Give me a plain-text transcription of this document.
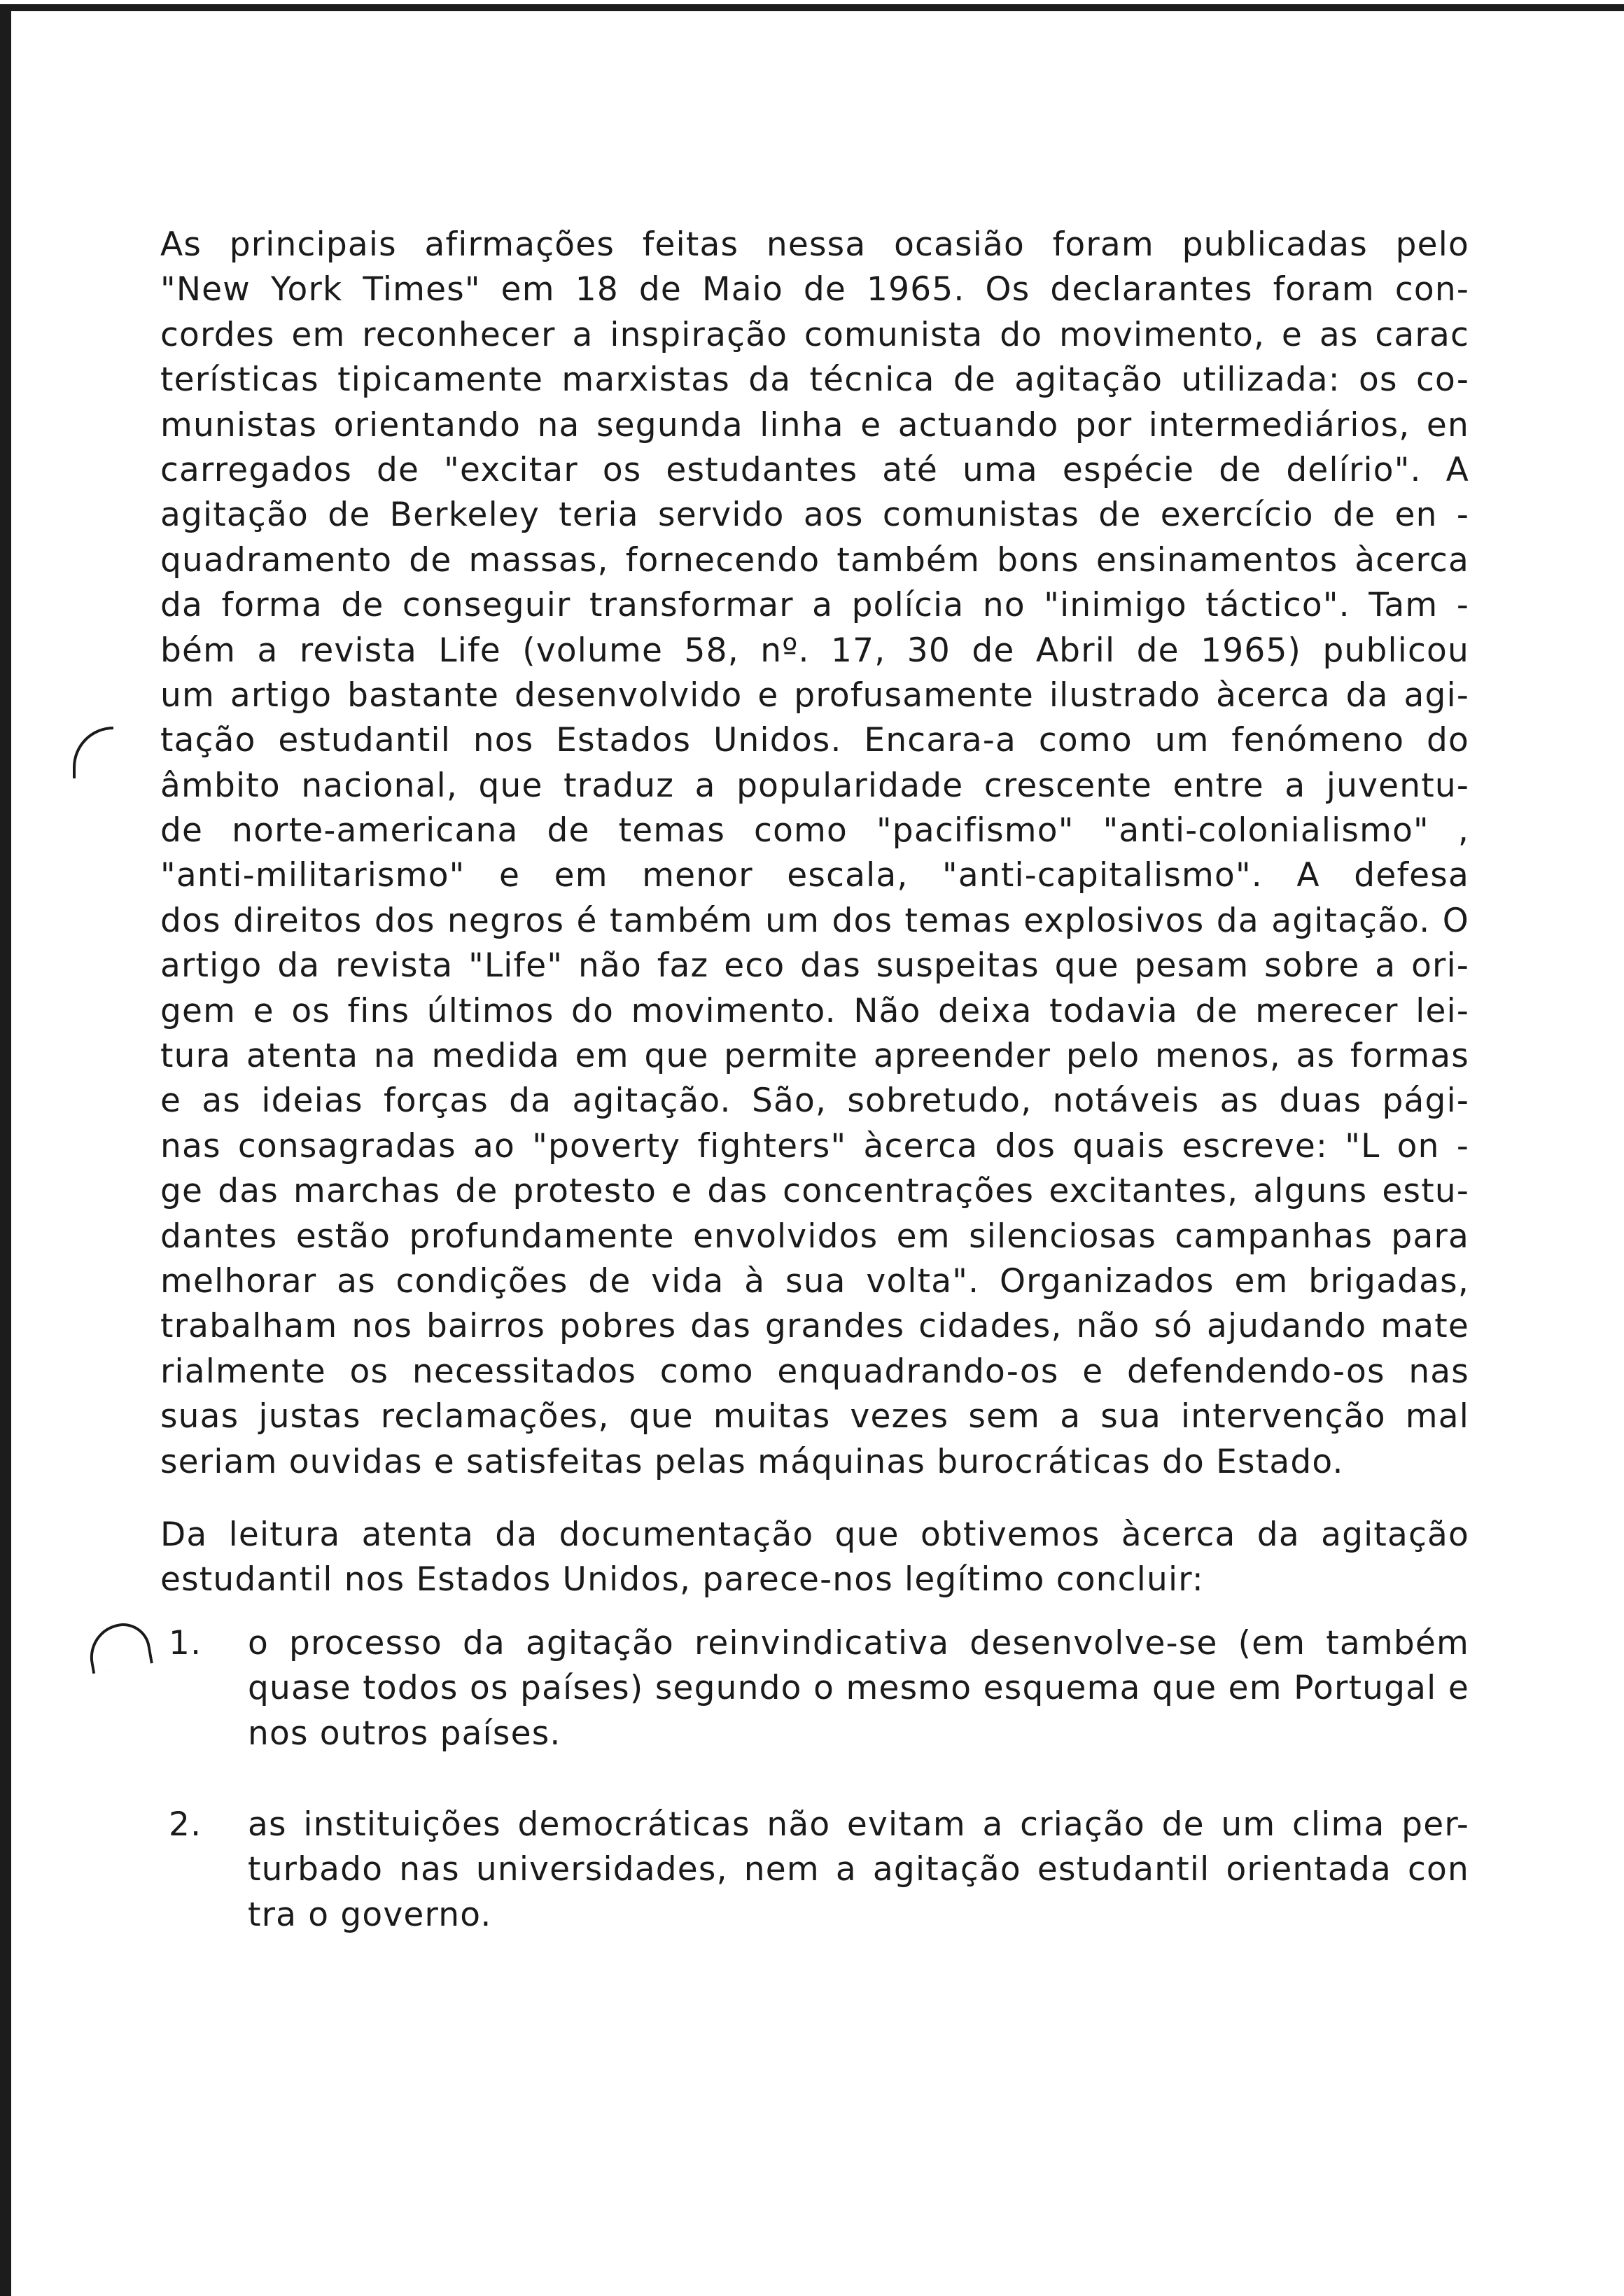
As principais afirmações feitas nessa ocasião foram publicadas pelo
"New York Times" em 18 de Maio de 1965. Os declarantes foram con-
cordes em reconhecer a inspiração comunista do movimento, e as carac
terísticas tipicamente marxistas da técnica de agitação utilizada: os co-
munistas orientando na segunda linha e actuando por intermediários, en
carregados de "excitar os estudantes até uma espécie de delírio". A
agitação de Berkeley teria servido aos comunistas de exercício de en -
quadramento de massas, fornecendo também bons ensinamentos àcerca
da forma de conseguir transformar a polícia no "inimigo táctico". Tam -
bém a revista Life (volume 58, nº. 17, 30 de Abril de 1965) publicou
um artigo bastante desenvolvido e profusamente ilustrado àcerca da agi-
tação estudantil nos Estados Unidos. Encara-a como um fenómeno do
âmbito nacional, que traduz a popularidade crescente entre a juventu-
de norte-americana de temas como "pacifismo" "anti-colonialismo" ,
"anti-militarismo" e em menor escala, "anti-capitalismo". A defesa
dos direitos dos negros é também um dos temas explosivos da agitação. O
artigo da revista "Life" não faz eco das suspeitas que pesam sobre a ori-
gem e os fins últimos do movimento. Não deixa todavia de merecer lei-
tura atenta na medida em que permite apreender pelo menos, as formas
e as ideias forças da agitação. São, sobretudo, notáveis as duas pági-
nas consagradas ao "poverty fighters" àcerca dos quais escreve: "L on -
ge das marchas de protesto e das concentrações excitantes, alguns estu-
dantes estão profundamente envolvidos em silenciosas campanhas para
melhorar as condições de vida à sua volta". Organizados em brigadas,
trabalham nos bairros pobres das grandes cidades, não só ajudando mate
rialmente os necessitados como enquadrando-os e defendendo-os nas
suas justas reclamações, que muitas vezes sem a sua intervenção mal
seriam ouvidas e satisfeitas pelas máquinas burocráticas do Estado.
Da leitura atenta da documentação que obtivemos àcerca da agitação
estudantil nos Estados Unidos, parece-nos legítimo concluir:
1. o processo da agitação reinvindicativa desenvolve-se (em também
quase todos os países) segundo o mesmo esquema que em Portugal e
nos outros países.
2. as instituições democráticas não evitam a criação de um clima per-
turbado nas universidades, nem a agitação estudantil orientada con
tra o governo.
